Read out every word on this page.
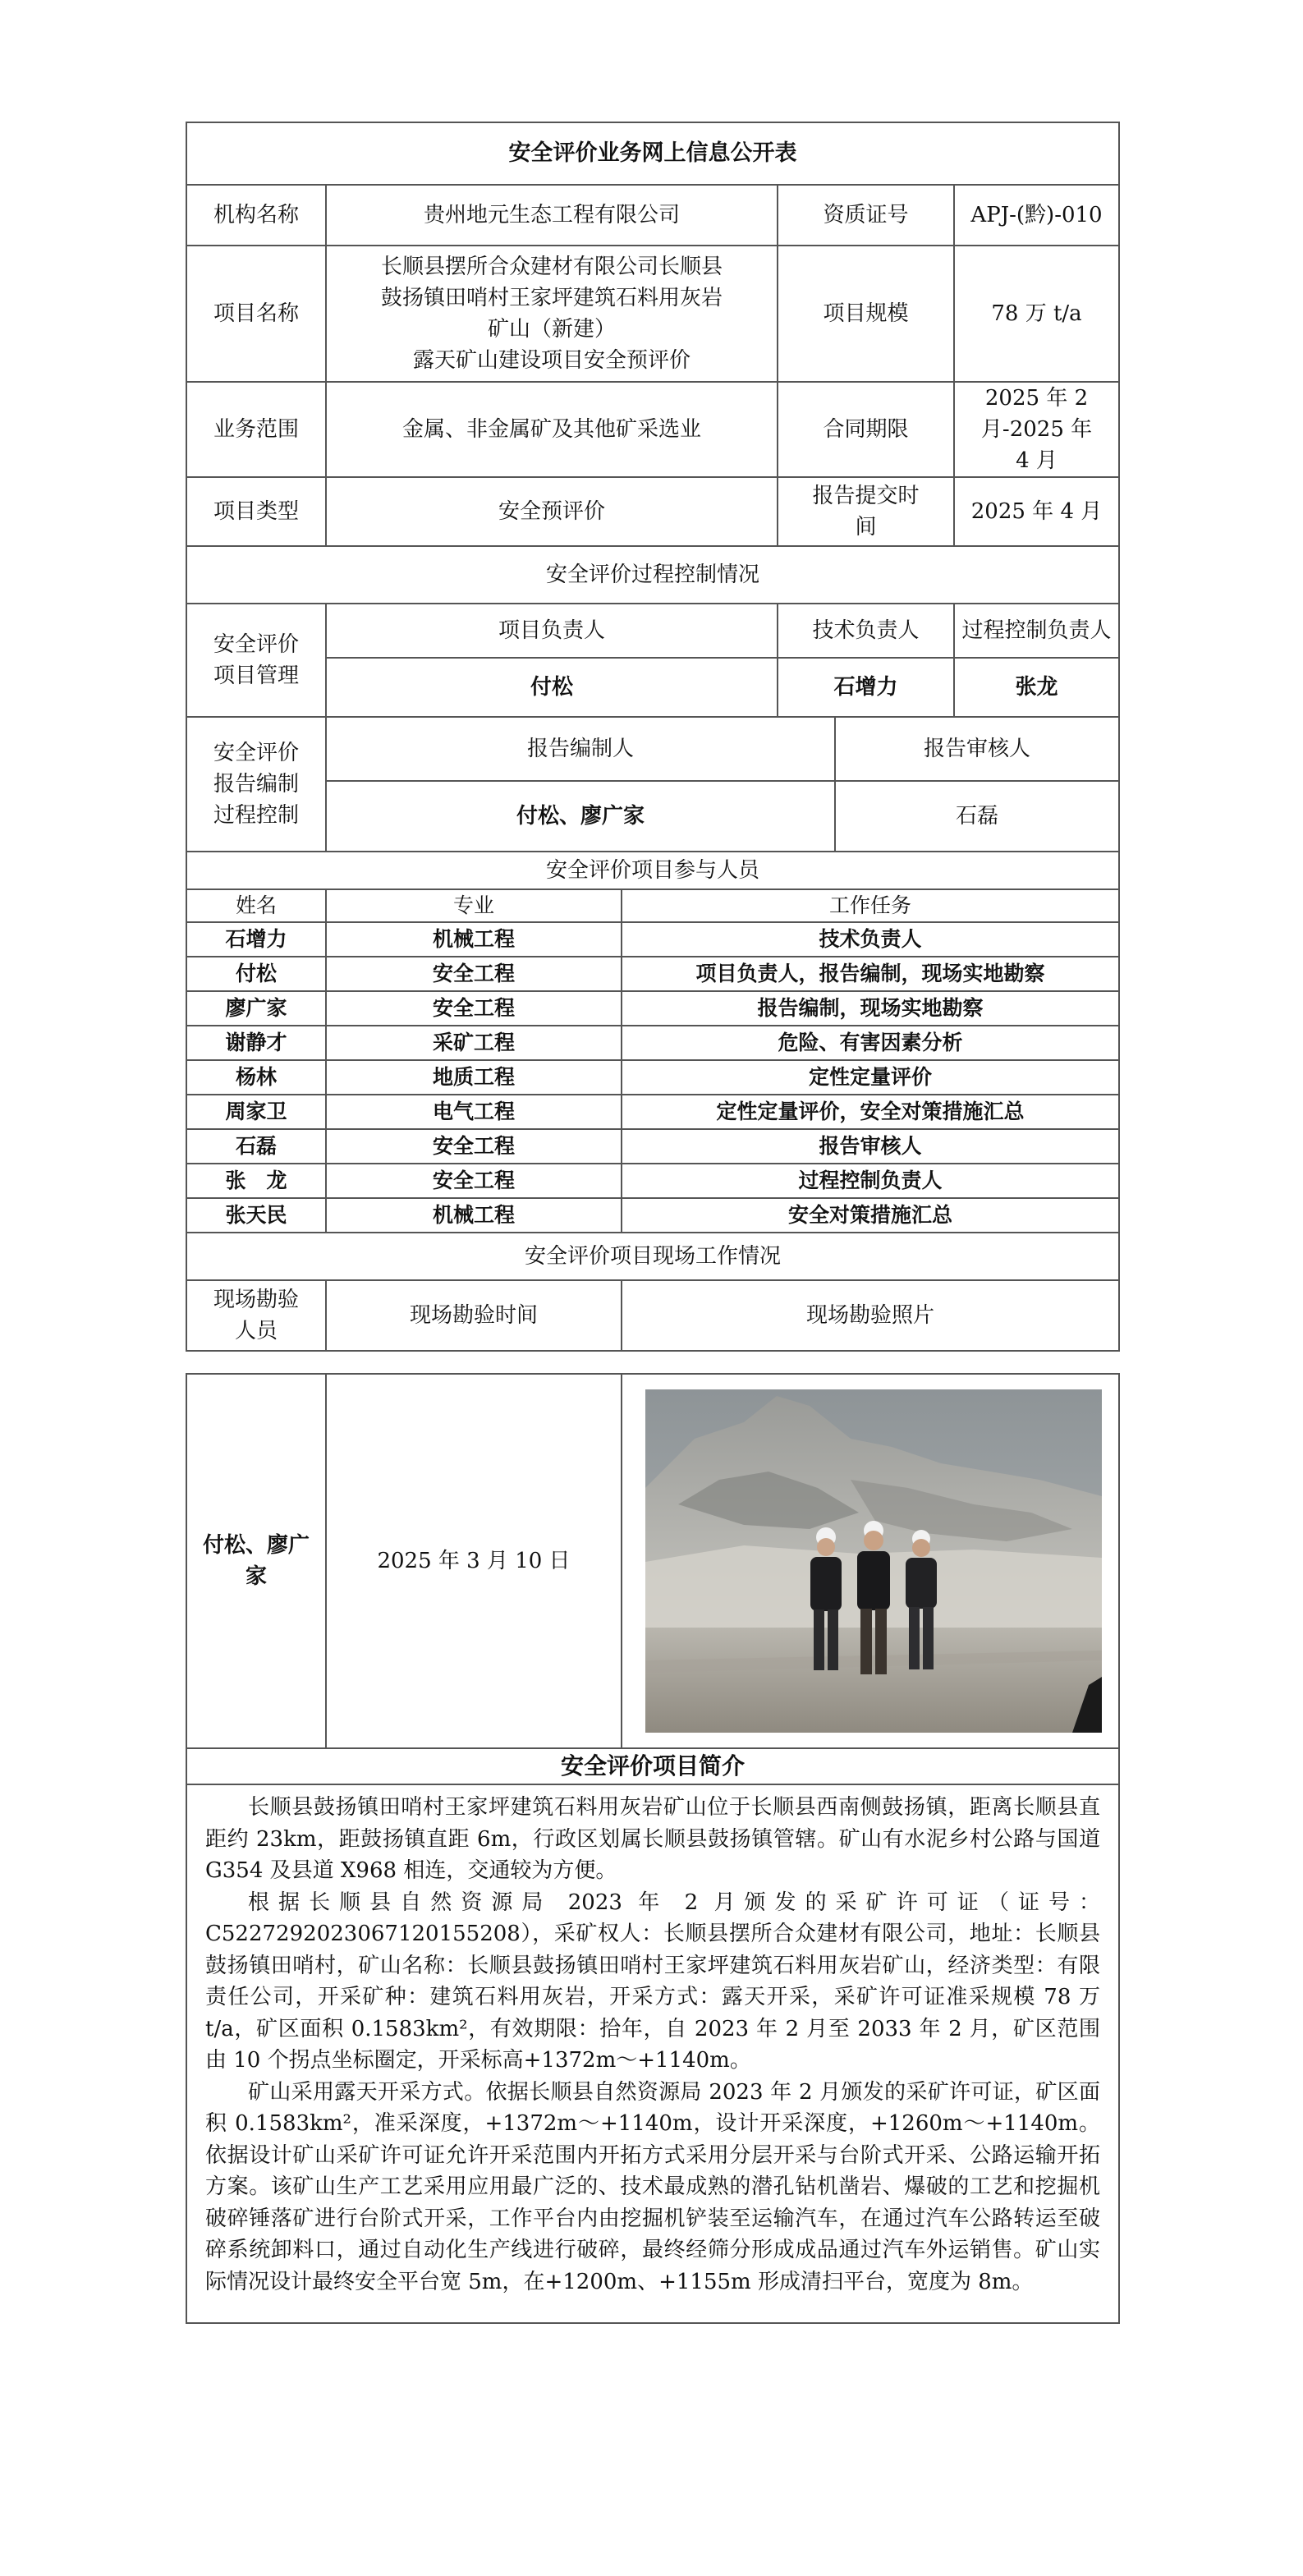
安全评价业务网上信息公开表				
机构名称	贵州地元生态工程有限公司	资质证号		APJ-(黔)-010
项目名称	长顺县摆所合众建材有限公司长顺县
鼓扬镇田哨村王家坪建筑石料用灰岩
矿山（新建）
露天矿山建设项目安全预评价	项目规模		78 万 t/a
业务范围	金属、非金属矿及其他矿采选业	合同期限		2025 年 2 月-2025 年
4 月

项目类型	安全预评价	报告提交时
间		2025 年 4 月
安全评价过程控制情况				

安全评价
项目管理	项目负责人	技术负责人		过程控制负责人
	付松	石增力		张龙

安全评价
报告编制
过程控制	报告编制人		报告审核人	
	付松、廖广家		石磊	
安全评价项目参与人员		
姓名	专业	工作任务
石增力	机械工程	技术负责人
付松	安全工程	项目负责人，报告编制，现场实地勘察
廖广家	安全工程	报告编制，现场实地勘察
谢静才	采矿工程	危险、有害因素分析
杨林	地质工程	定性定量评价
周家卫	电气工程	定性定量评价，安全对策措施汇总
石磊	安全工程	报告审核人
张　龙	安全工程	过程控制负责人
张天民	机械工程	安全对策措施汇总
安全评价项目现场工作情况		

现场勘验
人员	现场勘验时间	现场勘验照片
付松、廖广
家
	2025 年 3 月 10 日	

安全评价项目简介

长顺县鼓扬镇田哨村王家坪建筑石料用灰岩矿山位于长顺县西南侧鼓扬镇，距离长顺县直距约 23km，距鼓扬镇直距 6m，行政区划属长顺县鼓扬镇管辖。矿山有水泥乡村公路与国道 G354 及县道 X968 相连，交通较为方便。

根据长顺县自然资源局 2023 年 2 月颁发的采矿许可证（证号：C5227292023067120155208），采矿权人：长顺县摆所合众建材有限公司，地址：长顺县鼓扬镇田哨村，矿山名称：长顺县鼓扬镇田哨村王家坪建筑石料用灰岩矿山，经济类型：有限责任公司，开采矿种：建筑石料用灰岩，开采方式：露天开采，采矿许可证准采规模 78 万 t/a，矿区面积 0.1583km²，有效期限：拾年，自 2023 年 2 月至 2033 年 2 月，矿区范围由 10 个拐点坐标圈定，开采标高+1372m～+1140m。

矿山采用露天开采方式。依据长顺县自然资源局 2023 年 2 月颁发的采矿许可证，矿区面积 0.1583km²，准采深度，+1372m～+1140m，设计开采深度，+1260m～+1140m。依据设计矿山采矿许可证允许开采范围内开拓方式采用分层开采与台阶式开采、公路运输开拓方案。该矿山生产工艺采用应用最广泛的、技术最成熟的潜孔钻机凿岩、爆破的工艺和挖掘机破碎锤落矿进行台阶式开采，工作平台内由挖掘机铲装至运输汽车，在通过汽车公路转运至破碎系统卸料口，通过自动化生产线进行破碎，最终经筛分形成成品通过汽车外运销售。矿山实际情况设计最终安全平台宽 5m，在+1200m、+1155m 形成清扫平台，宽度为 8m。
